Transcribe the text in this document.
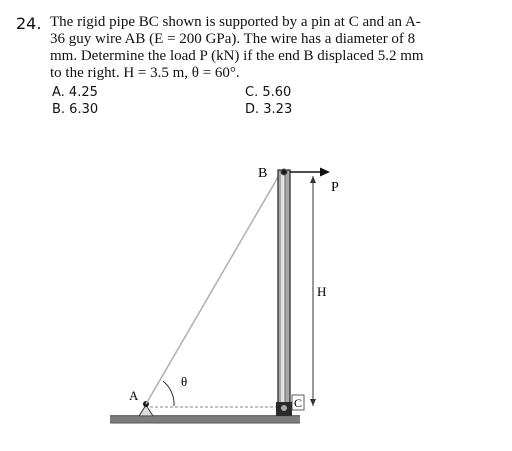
24. The rigid pipe BC shown is supported by a pin at C and an A-
36 guy wire AB (E = 200 GPa). The wire has a diameter of 8
mm. Determine the load P (kN) if the end B displaced 5.2 mm
to the right. H = 3.5 m, θ = 60°.
A. 4.25
B. 6.30
C. 5.60
D. 3.23
B
P
H
A	C
θ
